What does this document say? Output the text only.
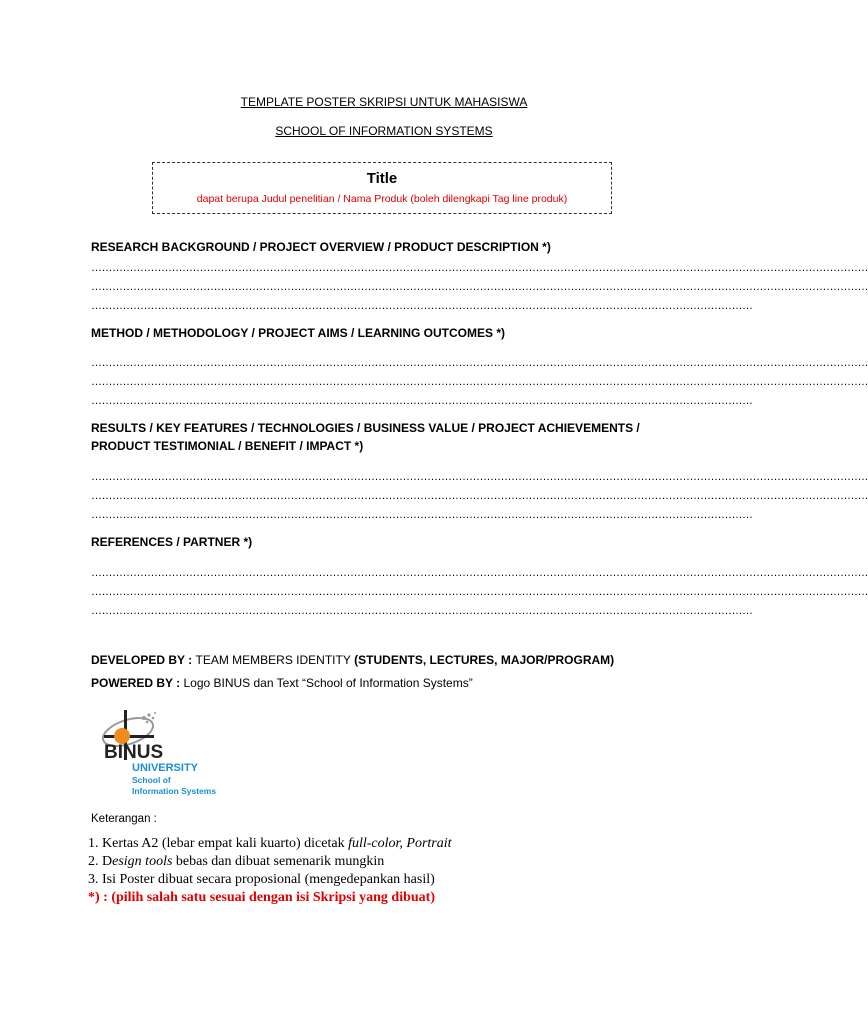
TEMPLATE POSTER SKRIPSI UNTUK MAHASISWA
SCHOOL OF INFORMATION SYSTEMS
Title
dapat berupa Judul penelitian / Nama Produk (boleh dilengkapi Tag line produk)
RESEARCH BACKGROUND / PROJECT OVERVIEW / PRODUCT DESCRIPTION *)
……………………………………………………………………………………………………………………………………………………………………………………………………
……………………………………………………………………………………………………………………………………………………………………………………………………
………………………………………………………………………………………………………………………………………………………………………
METHOD / METHODOLOGY / PROJECT AIMS / LEARNING OUTCOMES *)
……………………………………………………………………………………………………………………………………………………………………………………………………
……………………………………………………………………………………………………………………………………………………………………………………………………
………………………………………………………………………………………………………………………………………………………………………
RESULTS / KEY FEATURES / TECHNOLOGIES / BUSINESS VALUE / PROJECT ACHIEVEMENTS / PRODUCT TESTIMONIAL / BENEFIT / IMPACT *)
……………………………………………………………………………………………………………………………………………………………………………………………………
……………………………………………………………………………………………………………………………………………………………………………………………………
………………………………………………………………………………………………………………………………………………………………………
REFERENCES / PARTNER *)
……………………………………………………………………………………………………………………………………………………………………………………………………
……………………………………………………………………………………………………………………………………………………………………………………………………
………………………………………………………………………………………………………………………………………………………………………
DEVELOPED BY : TEAM MEMBERS IDENTITY (STUDENTS, LECTURES, MAJOR/PROGRAM)
POWERED BY : Logo BINUS dan Text “School of Information Systems”
BINUS
UNIVERSITY
School of
Information Systems
Keterangan :
1. Kertas A2 (lebar empat kali kuarto) dicetak full-color, Portrait
2. Design tools bebas dan dibuat semenarik mungkin
3. Isi Poster dibuat secara proposional (mengedepankan hasil)
*) : (pilih salah satu sesuai dengan isi Skripsi yang dibuat)
